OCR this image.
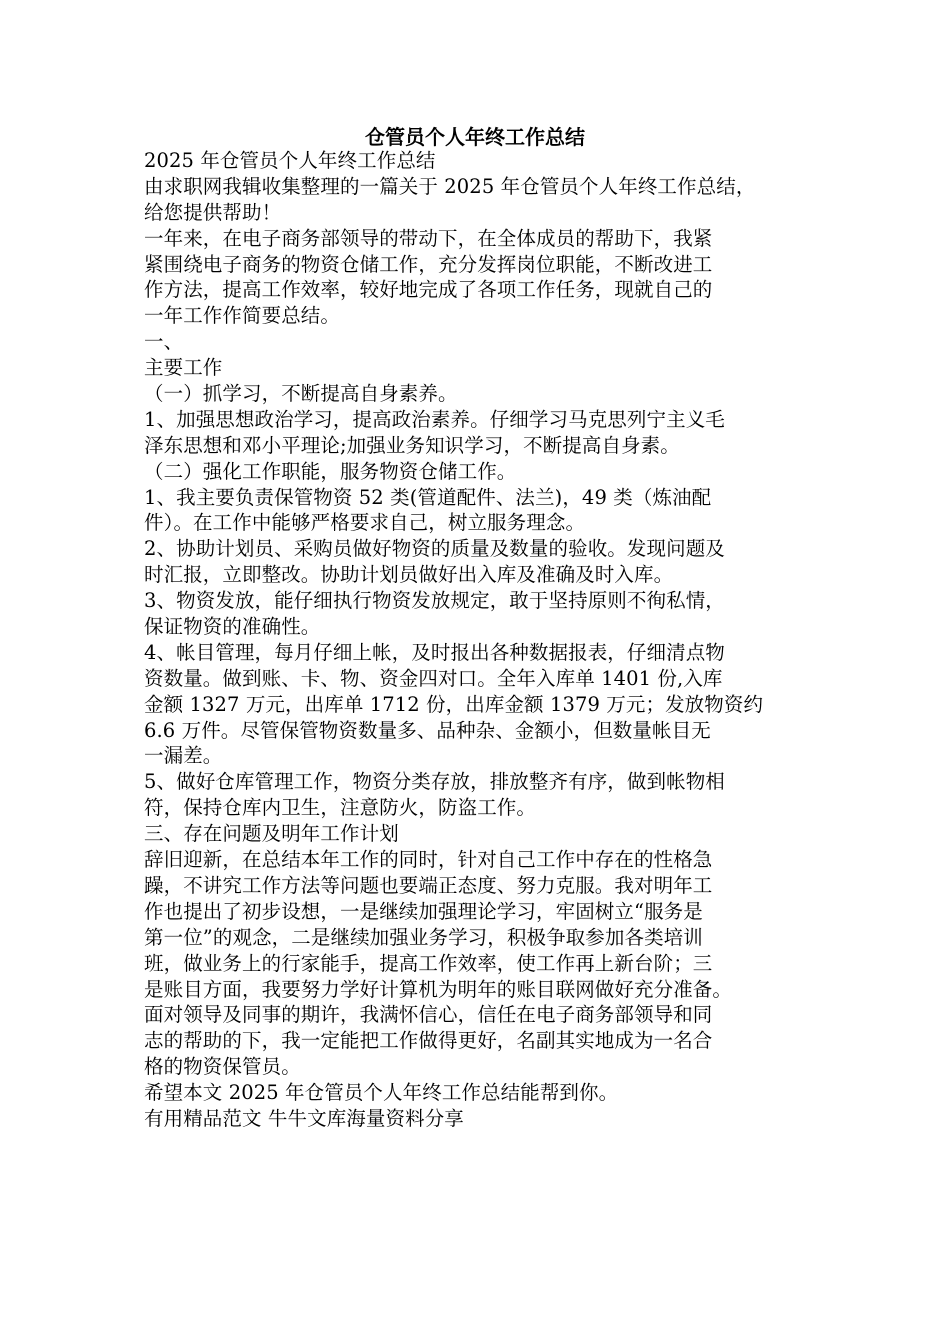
仓管员个人年终工作总结
2025 年仓管员个人年终工作总结
由求职网我辑收集整理的一篇关于 2025 年仓管员个人年终工作总结，
给您提供帮助！
一年来，在电子商务部领导的带动下，在全体成员的帮助下，我紧
紧围绕电子商务的物资仓储工作，充分发挥岗位职能，不断改进工
作方法，提高工作效率，较好地完成了各项工作任务，现就自己的
一年工作作简要总结。
一、
主要工作
（一）抓学习，不断提高自身素养。
1、加强思想政治学习，提高政治素养。仔细学习马克思列宁主义毛
泽东思想和邓小平理论;加强业务知识学习，不断提高自身素。
（二）强化工作职能，服务物资仓储工作。
1、我主要负责保管物资 52 类(管道配件、法兰)，49 类（炼油配
件）。在工作中能够严格要求自己，树立服务理念。
2、协助计划员、采购员做好物资的质量及数量的验收。发现问题及
时汇报，立即整改。协助计划员做好出入库及准确及时入库。
3、物资发放，能仔细执行物资发放规定，敢于坚持原则不徇私情，
保证物资的准确性。
4、帐目管理，每月仔细上帐，及时报出各种数据报表，仔细清点物
资数量。做到账、卡、物、资金四对口。全年入库单 1401 份,入库
金额 1327 万元，出库单 1712 份，出库金额 1379 万元；发放物资约
6.6 万件。尽管保管物资数量多、品种杂、金额小，但数量帐目无
一漏差。
5、做好仓库管理工作，物资分类存放，排放整齐有序，做到帐物相
符，保持仓库内卫生，注意防火，防盗工作。
三、存在问题及明年工作计划
辞旧迎新，在总结本年工作的同时，针对自己工作中存在的性格急
躁，不讲究工作方法等问题也要端正态度、努力克服。我对明年工
作也提出了初步设想，一是继续加强理论学习，牢固树立“服务是
第一位”的观念，二是继续加强业务学习，积极争取参加各类培训
班，做业务上的行家能手，提高工作效率，使工作再上新台阶；三
是账目方面，我要努力学好计算机为明年的账目联网做好充分准备。
面对领导及同事的期许，我满怀信心，信任在电子商务部领导和同
志的帮助的下，我一定能把工作做得更好，名副其实地成为一名合
格的物资保管员。
希望本文 2025 年仓管员个人年终工作总结能帮到你。
有用精品范文 牛牛文库海量资料分享
